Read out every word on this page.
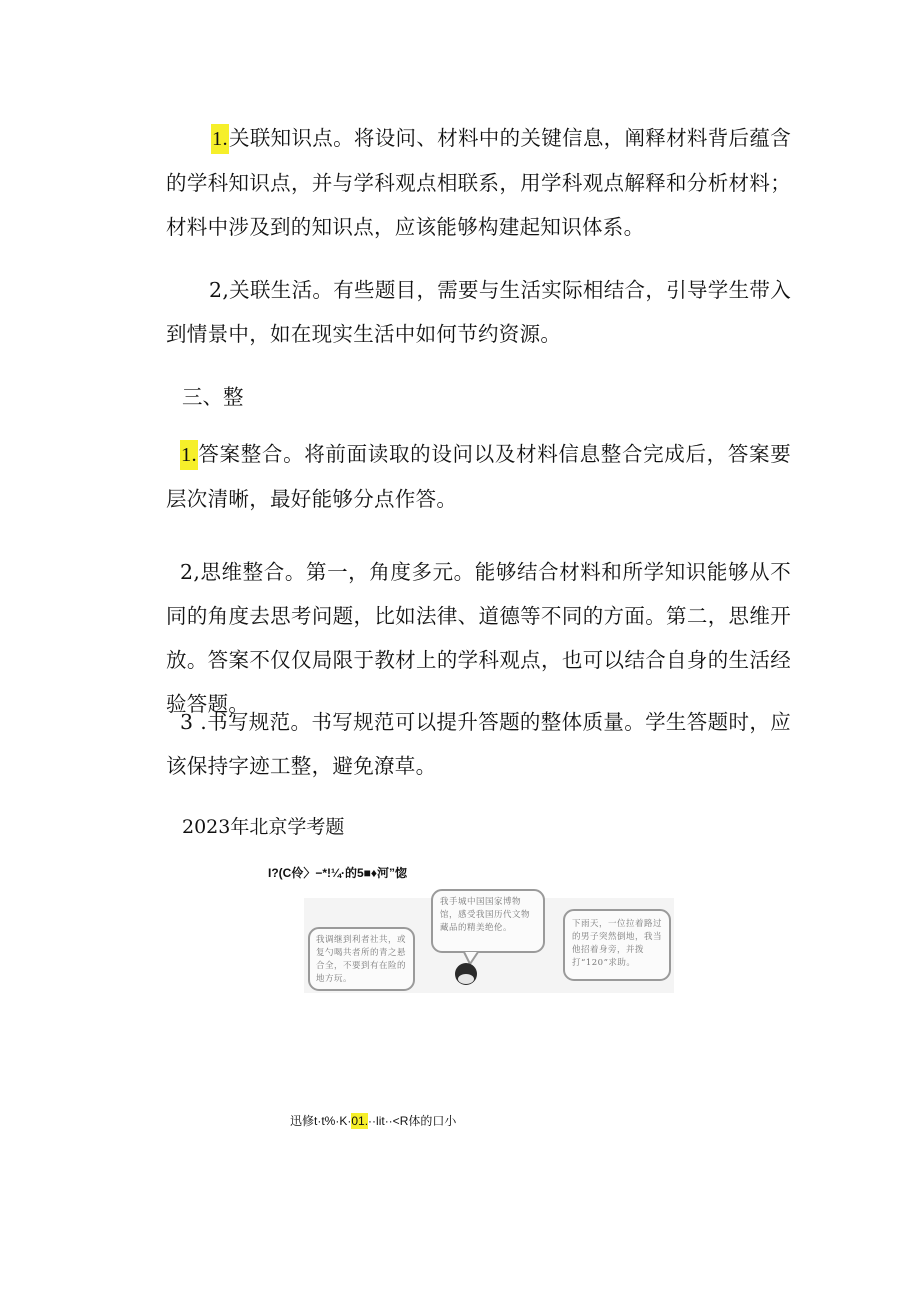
1.关联知识点。将设问、材料中的关键信息，阐释材料背后蕴含的学科知识点，并与学科观点相联系，用学科观点解释和分析材料；材料中涉及到的知识点，应该能够构建起知识体系。

2,关联生活。有些题目，需要与生活实际相结合，引导学生带入到情景中，如在现实生活中如何节约资源。

三、整

1.答案整合。将前面读取的设问以及材料信息整合完成后，答案要层次清晰，最好能够分点作答。

2,思维整合。第一，角度多元。能够结合材料和所学知识能够从不同的角度去思考问题，比如法律、道德等不同的方面。第二，思维开放。答案不仅仅局限于教材上的学科观点，也可以结合自身的生活经验答题。

3 .书写规范。书写规范可以提升答题的整体质量。学生答题时，应该保持字迹工整，避免潦草。

2023年北京学考题

I?(C伶〉−*!¼·的5■♦河”惚

我调继到利者社共，或复勺喝共者所的青之悬合全，不要到有在险的地方玩。

我手城中国国家博物馆，感受我国历代文物藏品的精美绝伦。	下雨天，一位拉着路过的男子突然倒地，我当他招着身旁，并拨打“120”求助。

迅修t·t%·K·01.··lit··<R体的口小
